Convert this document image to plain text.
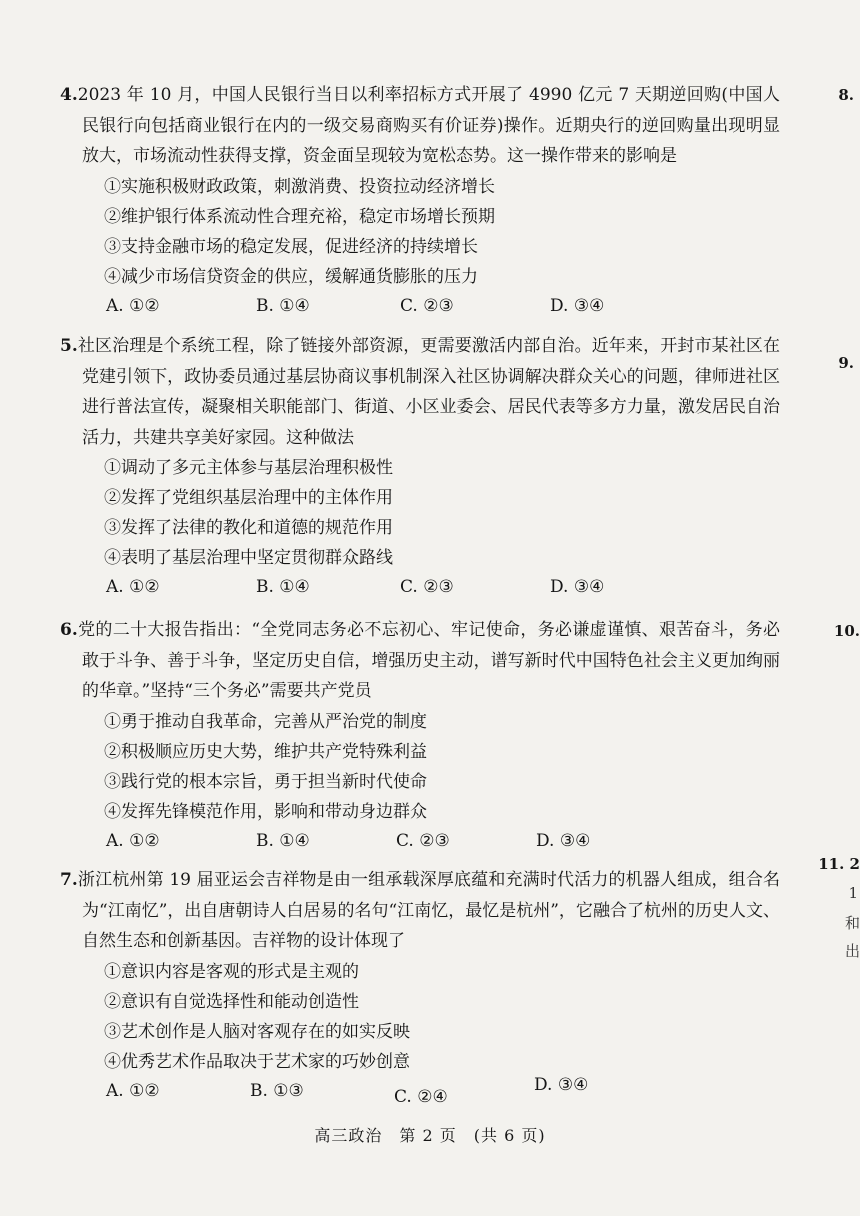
4.2023 年 10 月，中国人民银行当日以利率招标方式开展了 4990 亿元 7 天期逆回购(中国人民银行向包括商业银行在内的一级交易商购买有价证券)操作。近期央行的逆回购量出现明显放大，市场流动性获得支撑，资金面呈现较为宽松态势。这一操作带来的影响是

①实施积极财政政策，刺激消费、投资拉动经济增长

②维护银行体系流动性合理充裕，稳定市场增长预期

③支持金融市场的稳定发展，促进经济的持续增长

④减少市场信贷资金的供应，缓解通货膨胀的压力

A. ①②	B. ①④	C. ②③	D. ③④

5.社区治理是个系统工程，除了链接外部资源，更需要激活内部自治。近年来，开封市某社区在党建引领下，政协委员通过基层协商议事机制深入社区协调解决群众关心的问题，律师进社区进行普法宣传，凝聚相关职能部门、街道、小区业委会、居民代表等多方力量，激发居民自治活力，共建共享美好家园。这种做法

①调动了多元主体参与基层治理积极性

②发挥了党组织基层治理中的主体作用

③发挥了法律的教化和道德的规范作用

④表明了基层治理中坚定贯彻群众路线

A. ①②	B. ①④	C. ②③	D. ③④

6.党的二十大报告指出：“全党同志务必不忘初心、牢记使命，务必谦虚谨慎、艰苦奋斗，务必敢于斗争、善于斗争，坚定历史自信，增强历史主动，谱写新时代中国特色社会主义更加绚丽的华章。”坚持“三个务必”需要共产党员

①勇于推动自我革命，完善从严治党的制度

②积极顺应历史大势，维护共产党特殊利益

③践行党的根本宗旨，勇于担当新时代使命

④发挥先锋模范作用，影响和带动身边群众

A. ①②	B. ①④	C. ②③	D. ③④

7.浙江杭州第 19 届亚运会吉祥物是由一组承载深厚底蕴和充满时代活力的机器人组成，组合名为“江南忆”，出自唐朝诗人白居易的名句“江南忆，最忆是杭州”，它融合了杭州的历史人文、自然生态和创新基因。吉祥物的设计体现了

①意识内容是客观的形式是主观的

②意识有自觉选择性和能动创造性

③艺术创作是人脑对客观存在的如实反映

④优秀艺术作品取决于艺术家的巧妙创意

A. ①②	B. ①③	C. ②④
D. ③④
高三政治　第 2 页　(共 6 页)
8.
9.
10.
11. 2
1
和
出
